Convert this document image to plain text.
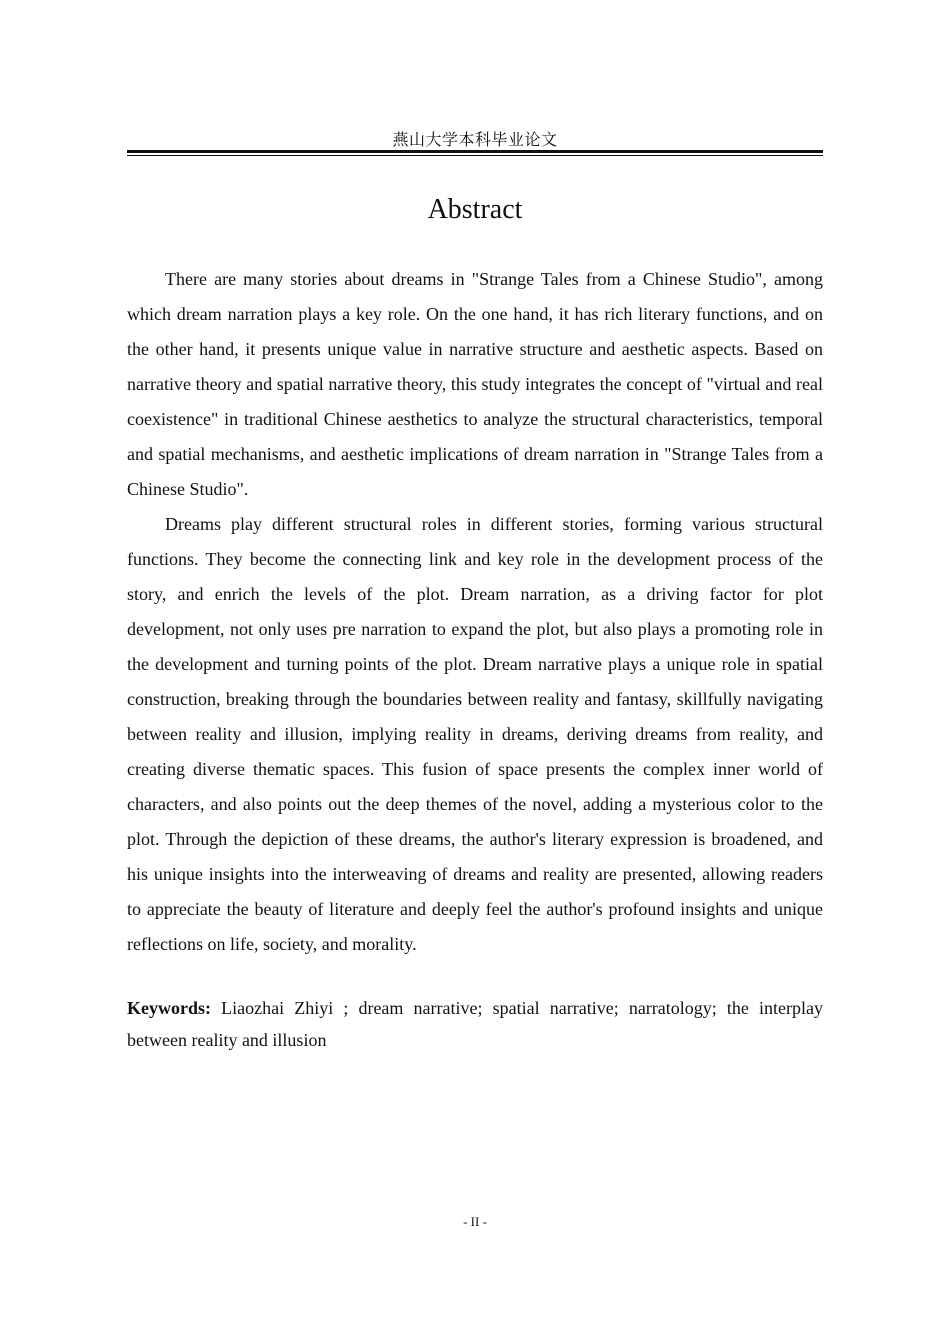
燕山大学本科毕业论文
Abstract

There are many stories about dreams in "Strange Tales from a Chinese Studio", among which dream narration plays a key role. On the one hand, it has rich literary functions, and on the other hand, it presents unique value in narrative structure and aesthetic aspects. Based on narrative theory and spatial narrative theory, this study integrates the concept of "virtual and real coexistence" in traditional Chinese aesthetics to analyze the structural characteristics, temporal and spatial mechanisms, and aesthetic implications of dream narration in "Strange Tales from a Chinese Studio".

Dreams play different structural roles in different stories, forming various structural functions. They become the connecting link and key role in the development process of the story, and enrich the levels of the plot. Dream narration, as a driving factor for plot development, not only uses pre narration to expand the plot, but also plays a promoting role in the development and turning points of the plot. Dream narrative plays a unique role in spatial construction, breaking through the boundaries between reality and fantasy, skillfully navigating between reality and illusion, implying reality in dreams, deriving dreams from reality, and creating diverse thematic spaces. This fusion of space presents the complex inner world of characters, and also points out the deep themes of the novel, adding a mysterious color to the plot. Through the depiction of these dreams, the author's literary expression is broadened, and his unique insights into the interweaving of dreams and reality are presented, allowing readers to appreciate the beauty of literature and deeply feel the author's profound insights and unique reflections on life, society, and morality.

Keywords: Liaozhai Zhiyi ; dream narrative; spatial narrative; narratology; the interplay between reality and illusion

- II -
